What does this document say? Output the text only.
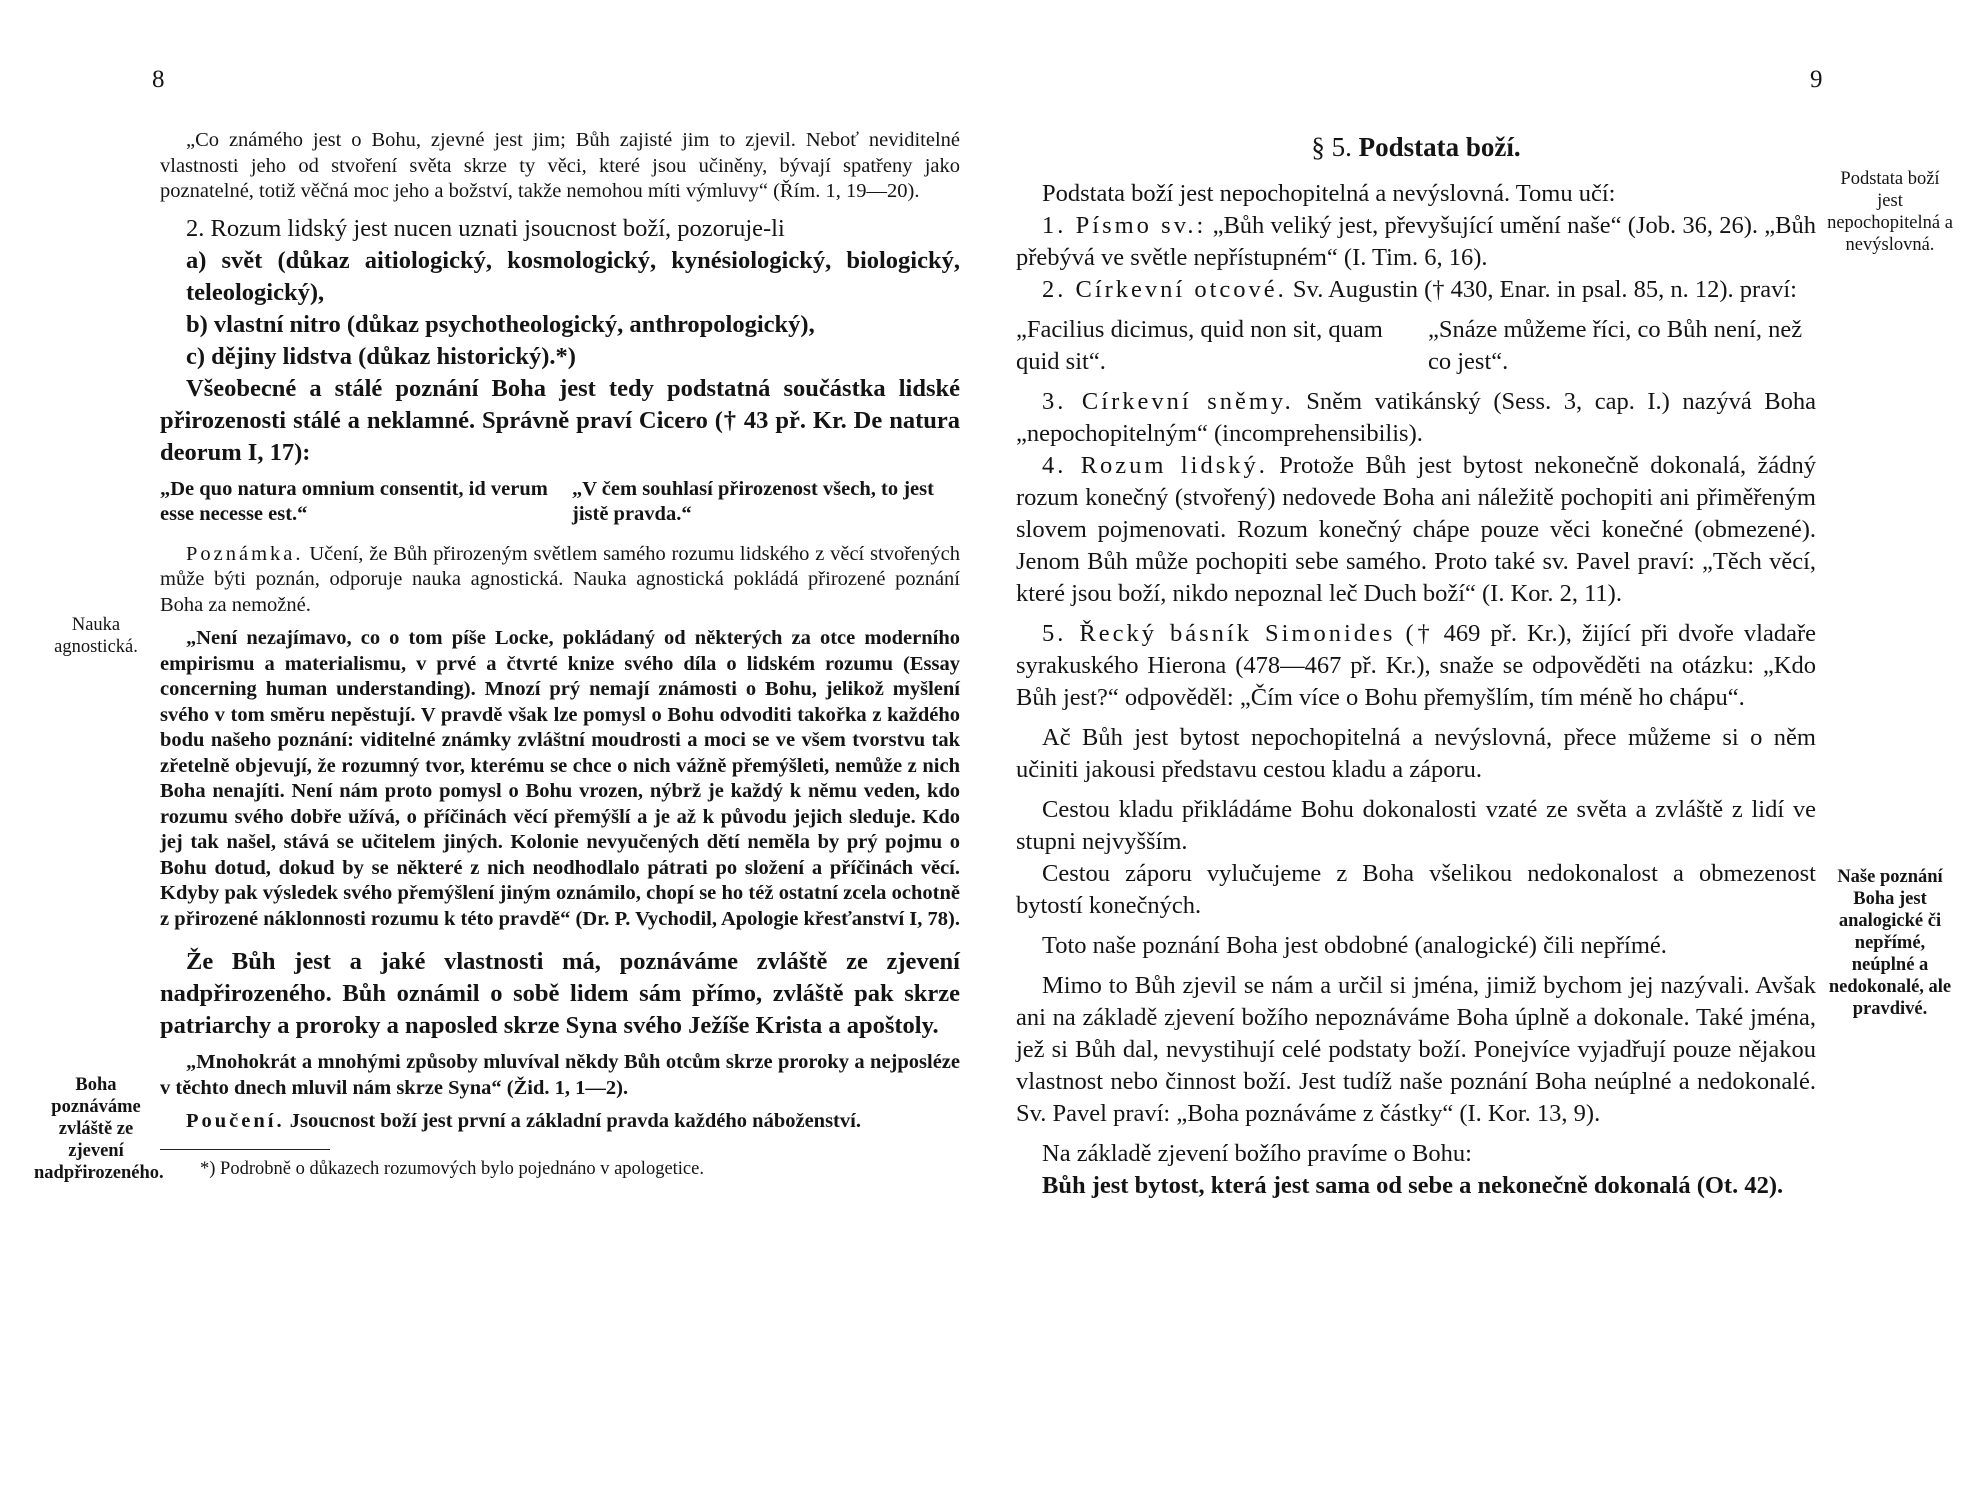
8
Nauka agnostická.
Boha poznáváme zvláště ze zjevení nadpřirozeného.

„Co známého jest o Bohu, zjevné jest jim; Bůh zajisté jim to zjevil. Neboť neviditelné vlastnosti jeho od stvoření světa skrze ty věci, které jsou učiněny, bývají spatřeny jako poznatelné, totiž věčná moc jeho a božství, takže nemohou míti výmluvy“ (Řím. 1, 19—20).

2. Rozum lidský jest nucen uznati jsoucnost boží, pozoruje-li

a) svět (důkaz aitiologický, kosmologický, kynésiologický, biologický, teleologický),

b) vlastní nitro (důkaz psychotheologický, anthropologický),

c) dějiny lidstva (důkaz historický).*)

Všeobecné a stálé poznání Boha jest tedy podstatná součástka lidské přirozenosti stálé a neklamné. Správně praví Cicero († 43 př. Kr. De natura deorum I, 17):

„De quo natura omnium consentit, id verum esse necesse est.“

„V čem souhlasí přirozenost všech, to jest jistě pravda.“

Poznámka. Učení, že Bůh přirozeným světlem samého rozumu lidského z věcí stvořených může býti poznán, odporuje nauka agnostická. Nauka agnostická pokládá přirozené poznání Boha za nemožné.

„Není nezajímavo, co o tom píše Locke, pokládaný od některých za otce moderního empirismu a materialismu, v prvé a čtvrté knize svého díla o lidském rozumu (Essay concerning human understanding). Mnozí prý nemají známosti o Bohu, jelikož myšlení svého v tom směru nepěstují. V pravdě však lze pomysl o Bohu odvoditi takořka z každého bodu našeho poznání: viditelné známky zvláštní moudrosti a moci se ve všem tvorstvu tak zřetelně objevují, že rozumný tvor, kterému se chce o nich vážně přemýšleti, nemůže z nich Boha nenajíti. Není nám proto pomysl o Bohu vrozen, nýbrž je každý k němu veden, kdo rozumu svého dobře užívá, o příčinách věcí přemýšlí a je až k původu jejich sleduje. Kdo jej tak našel, stává se učitelem jiných. Kolonie nevyučených dětí neměla by prý pojmu o Bohu dotud, dokud by se některé z nich neodhodlalo pátrati po složení a příčinách věcí. Kdyby pak výsledek svého přemýšlení jiným oznámilo, chopí se ho též ostatní zcela ochotně z přirozené náklonnosti rozumu k této pravdě“ (Dr. P. Vychodil, Apologie křesťanství I, 78).

Že Bůh jest a jaké vlastnosti má, poznáváme zvláště ze zjevení nadpřirozeného. Bůh oznámil o sobě lidem sám přímo, zvláště pak skrze patriarchy a proroky a naposled skrze Syna svého Ježíše Krista a apoštoly.

„Mnohokrát a mnohými způsoby mluvíval někdy Bůh otcům skrze proroky a nejposléze v těchto dnech mluvil nám skrze Syna“ (Žid. 1, 1—2).

Poučení. Jsoucnost boží jest první a základní pravda každého náboženství.

*) Podrobně o důkazech rozumových bylo pojednáno v apologetice.

9
Podstata boží jest nepochopitelná a nevýslovná.
Naše poznání Boha jest analogické či nepřímé, neúplné a nedokonalé, ale pravdivé.
§ 5. Podstata boží.

Podstata boží jest nepochopitelná a nevýslovná. Tomu učí:

1. Písmo sv.: „Bůh veliký jest, převyšující umění naše“ (Job. 36, 26). „Bůh přebývá ve světle nepřístupném“ (I. Tim. 6, 16).

2. Církevní otcové. Sv. Augustin († 430, Enar. in psal. 85, n. 12). praví:

„Facilius dicimus, quid non sit, quam quid sit“.

„Snáze můžeme říci, co Bůh není, než co jest“.

3. Církevní sněmy. Sněm vatikánský (Sess. 3, cap. I.) nazývá Boha „nepochopitelným“ (incomprehensibilis).

4. Rozum lidský. Protože Bůh jest bytost nekonečně dokonalá, žádný rozum konečný (stvořený) nedovede Boha ani náležitě pochopiti ani přiměřeným slovem pojmenovati. Rozum konečný chápe pouze věci konečné (obmezené). Jenom Bůh může pochopiti sebe samého. Proto také sv. Pavel praví: „Těch věcí, které jsou boží, nikdo nepoznal leč Duch boží“ (I. Kor. 2, 11).

5. Řecký básník Simonides († 469 př. Kr.), žijící při dvoře vladaře syrakuského Hierona (478—467 př. Kr.), snaže se odpověděti na otázku: „Kdo Bůh jest?“ odpověděl: „Čím více o Bohu přemyšlím, tím méně ho chápu“.

Ač Bůh jest bytost nepochopitelná a nevýslovná, přece můžeme si o něm učiniti jakousi představu cestou kladu a záporu.

Cestou kladu přikládáme Bohu dokonalosti vzaté ze světa a zvláště z lidí ve stupni nejvyšším.

Cestou záporu vylučujeme z Boha všelikou nedokonalost a obmezenost bytostí konečných.

Toto naše poznání Boha jest obdobné (analogické) čili nepřímé.

Mimo to Bůh zjevil se nám a určil si jména, jimiž bychom jej nazývali. Avšak ani na základě zjevení božího nepoznáváme Boha úplně a dokonale. Také jména, jež si Bůh dal, nevystihují celé podstaty boží. Ponejvíce vyjadřují pouze nějakou vlastnost nebo činnost boží. Jest tudíž naše poznání Boha neúplné a nedokonalé. Sv. Pavel praví: „Boha poznáváme z částky“ (I. Kor. 13, 9).

Na základě zjevení božího pravíme o Bohu:

Bůh jest bytost, která jest sama od sebe a nekonečně dokonalá (Ot. 42).
